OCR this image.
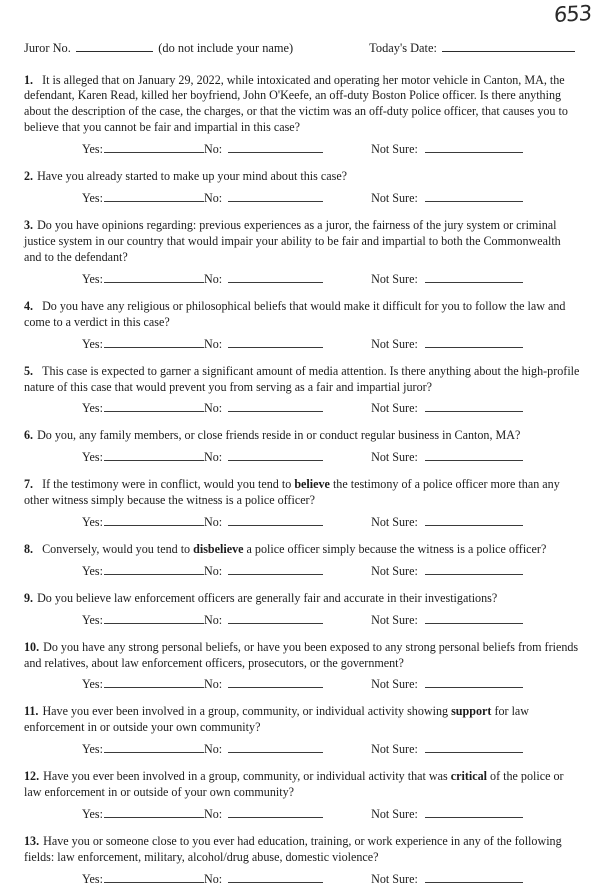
653
Juror No.	(do not include your name)	Today's Date:
1. It is alleged that on January 29, 2022, while intoxicated and operating her motor vehicle in Canton, MA, the defendant, Karen Read, killed her boyfriend, John O'Keefe, an off-duty Boston Police officer. Is there anything about the description of the case, the charges, or that the victim was an off-duty police officer, that causes you to believe that you cannot be fair and impartial in this case?
Yes:	No:	Not Sure:
2. Have you already started to make up your mind about this case?
Yes:	No:	Not Sure:
3. Do you have opinions regarding: previous experiences as a juror, the fairness of the jury system or criminal justice system in our country that would impair your ability to be fair and impartial to both the Commonwealth and to the defendant?
Yes:	No:	Not Sure:
4. Do you have any religious or philosophical beliefs that would make it difficult for you to follow the law and come to a verdict in this case?
Yes:	No:	Not Sure:
5. This case is expected to garner a significant amount of media attention. Is there anything about the high-profile nature of this case that would prevent you from serving as a fair and impartial juror?
Yes:	No:	Not Sure:
6. Do you, any family members, or close friends reside in or conduct regular business in Canton, MA?
Yes:	No:	Not Sure:
7. If the testimony were in conflict, would you tend to believe the testimony of a police officer more than any other witness simply because the witness is a police officer?
Yes:	No:	Not Sure:
8. Conversely, would you tend to disbelieve a police officer simply because the witness is a police officer?
Yes:	No:	Not Sure:
9. Do you believe law enforcement officers are generally fair and accurate in their investigations?
Yes:	No:	Not Sure:
10. Do you have any strong personal beliefs, or have you been exposed to any strong personal beliefs from friends and relatives, about law enforcement officers, prosecutors, or the government?
Yes:	No:	Not Sure:
11. Have you ever been involved in a group, community, or individual activity showing support for law enforcement in or outside your own community?
Yes:	No:	Not Sure:
12. Have you ever been involved in a group, community, or individual activity that was critical of the police or law enforcement in or outside of your own community?
Yes:	No:	Not Sure:
13. Have you or someone close to you ever had education, training, or work experience in any of the following fields: law enforcement, military, alcohol/drug abuse, domestic violence?
Yes:	No:	Not Sure:
